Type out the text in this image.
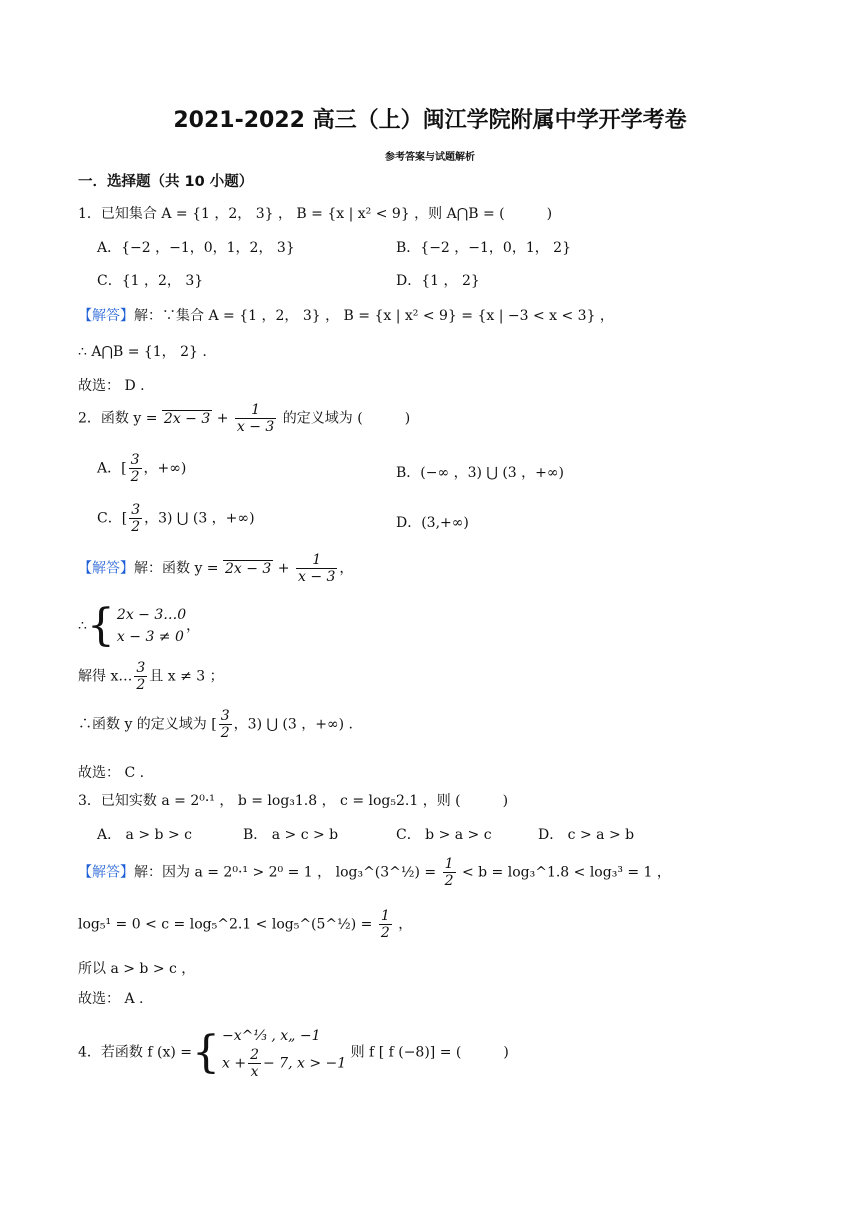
2021-2022 高三（上）闽江学院附属中学开学考卷
参考答案与试题解析
一．选择题（共 10 小题）
1．已知集合 A = {1 ，2， 3} ， B = {x | x² < 9} ，则 A⋂B = (　　　)
A．{−2 ，−1，0，1，2， 3}	B．{−2 ，−1，0，1， 2}
C．{1 ，2， 3}	D．{1 ， 2}
【解答】解：∵集合 A = {1 ，2， 3} ， B = {x | x² < 9} = {x | −3 < x < 3} ，
∴ A⋂B = {1， 2} .
故选： D .
2．函数 $y = 2x - 3 + \frac{1}{x - 3}$ 的定义域为 (　　　)
A．[ $\frac{3}{2}$ ，+∞)	B．(−∞ ，3) ⋃ (3 ，+∞)
C．[ $\frac{3}{2}$ ，3) ⋃ (3 ，+∞)	D．(3,+∞)
【解答】解：函数 $y = 2x - 3 + \frac{1}{x - 3}$ ，
∴{ 2x − 3…0
x − 3 ≠ 0，
解得 x… $\frac{3}{2}$ 且 x ≠ 3 ；
∴函数 y 的定义域为 [ $\frac{3}{2}$ ，3) ⋃ (3 ，+∞) .
故选： C .
3．已知实数 a = 2⁰·¹ ， b = log₃1.8 ， c = log₅2.1 ，则 (　　　)
A． a > b > c	B． a > c > b	C． b > a > c	D． c > a > b
【解答】解：因为 a = 2⁰·¹ > 2⁰ = 1 ， log₃^(3^½) = $\frac{1}{2} < b$ = log₃^1.8 < log₃³ = 1 ，
log₅¹ = 0 < c = log₅^2.1 < log₅^(5^½) = $\frac{1}{2}$ ，
所以 a > b > c ，
故选： A .
4．若函数 f (x) ={ −x^⅓ , x„ −1
$x + \frac{2}{x} - 7$, x > −1 则 f [ f (−8)] = (　　　)
